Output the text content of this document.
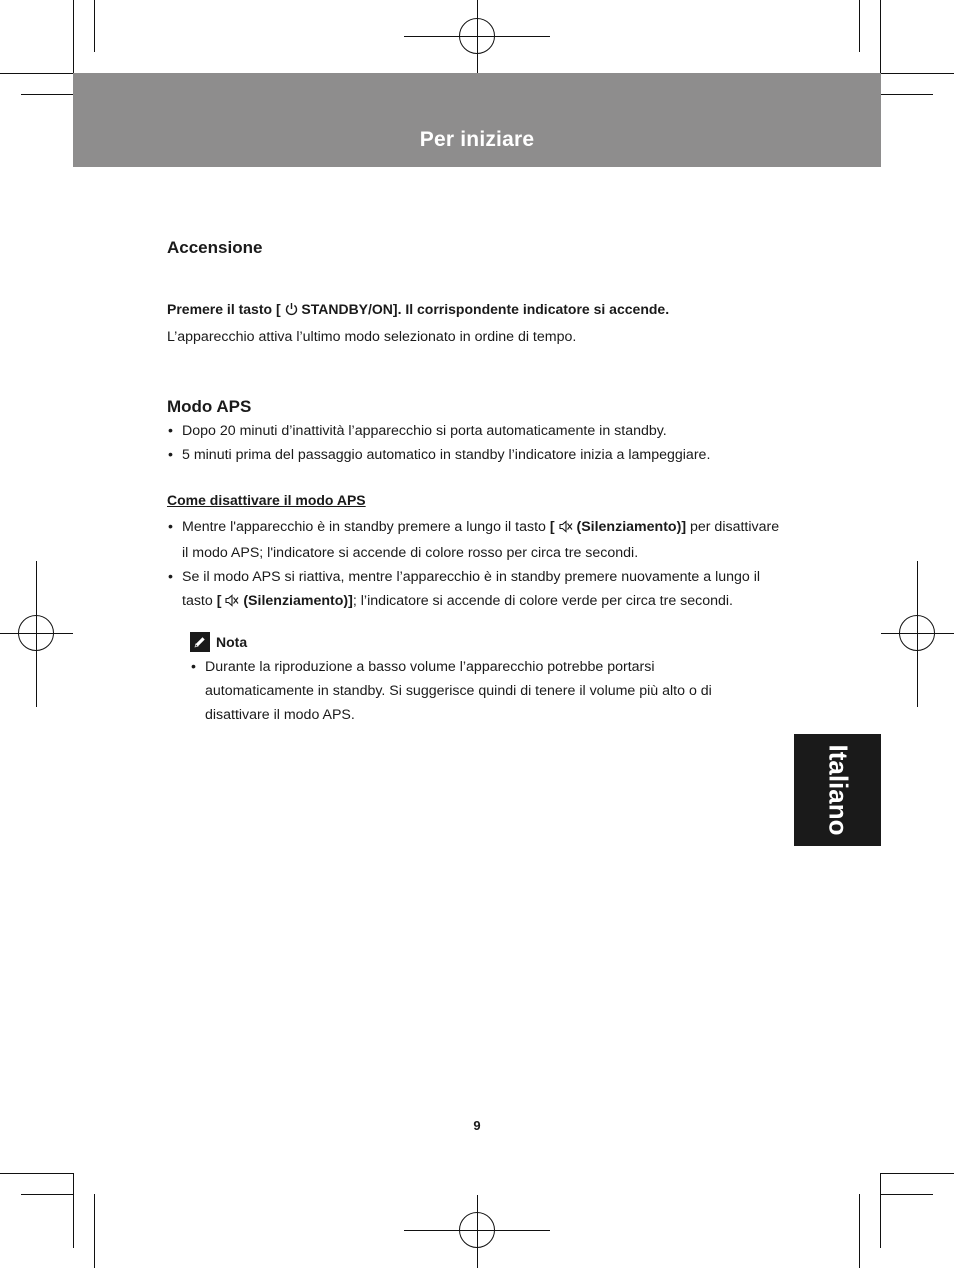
Per iniziare
Italiano
Accensione
Premere il tasto [  STANDBY/ON]. Il corrispondente indicatore si accende.
L’apparecchio attiva l’ultimo modo selezionato in ordine di tempo.
Modo APS
• Dopo 20 minuti d’inattività l’apparecchio si porta automaticamente in standby.
• 5 minuti prima del passaggio automatico in standby l’indicatore inizia a lampeggiare.
Come disattivare il modo APS
• Mentre l'apparecchio è in standby premere a lungo il tasto [  (Silenziamento)] per disattivare il modo APS; l'indicatore si accende di colore rosso per circa tre secondi.
• Se il modo APS si riattiva, mentre l’apparecchio è in standby premere nuovamente a lungo il tasto [  (Silenziamento)]; l’indicatore si accende di colore verde per circa tre secondi.
Nota
• Durante la riproduzione a basso volume l’apparecchio potrebbe portarsi automaticamente in standby. Si suggerisce quindi di tenere il volume più alto o di disattivare il modo APS.
9
